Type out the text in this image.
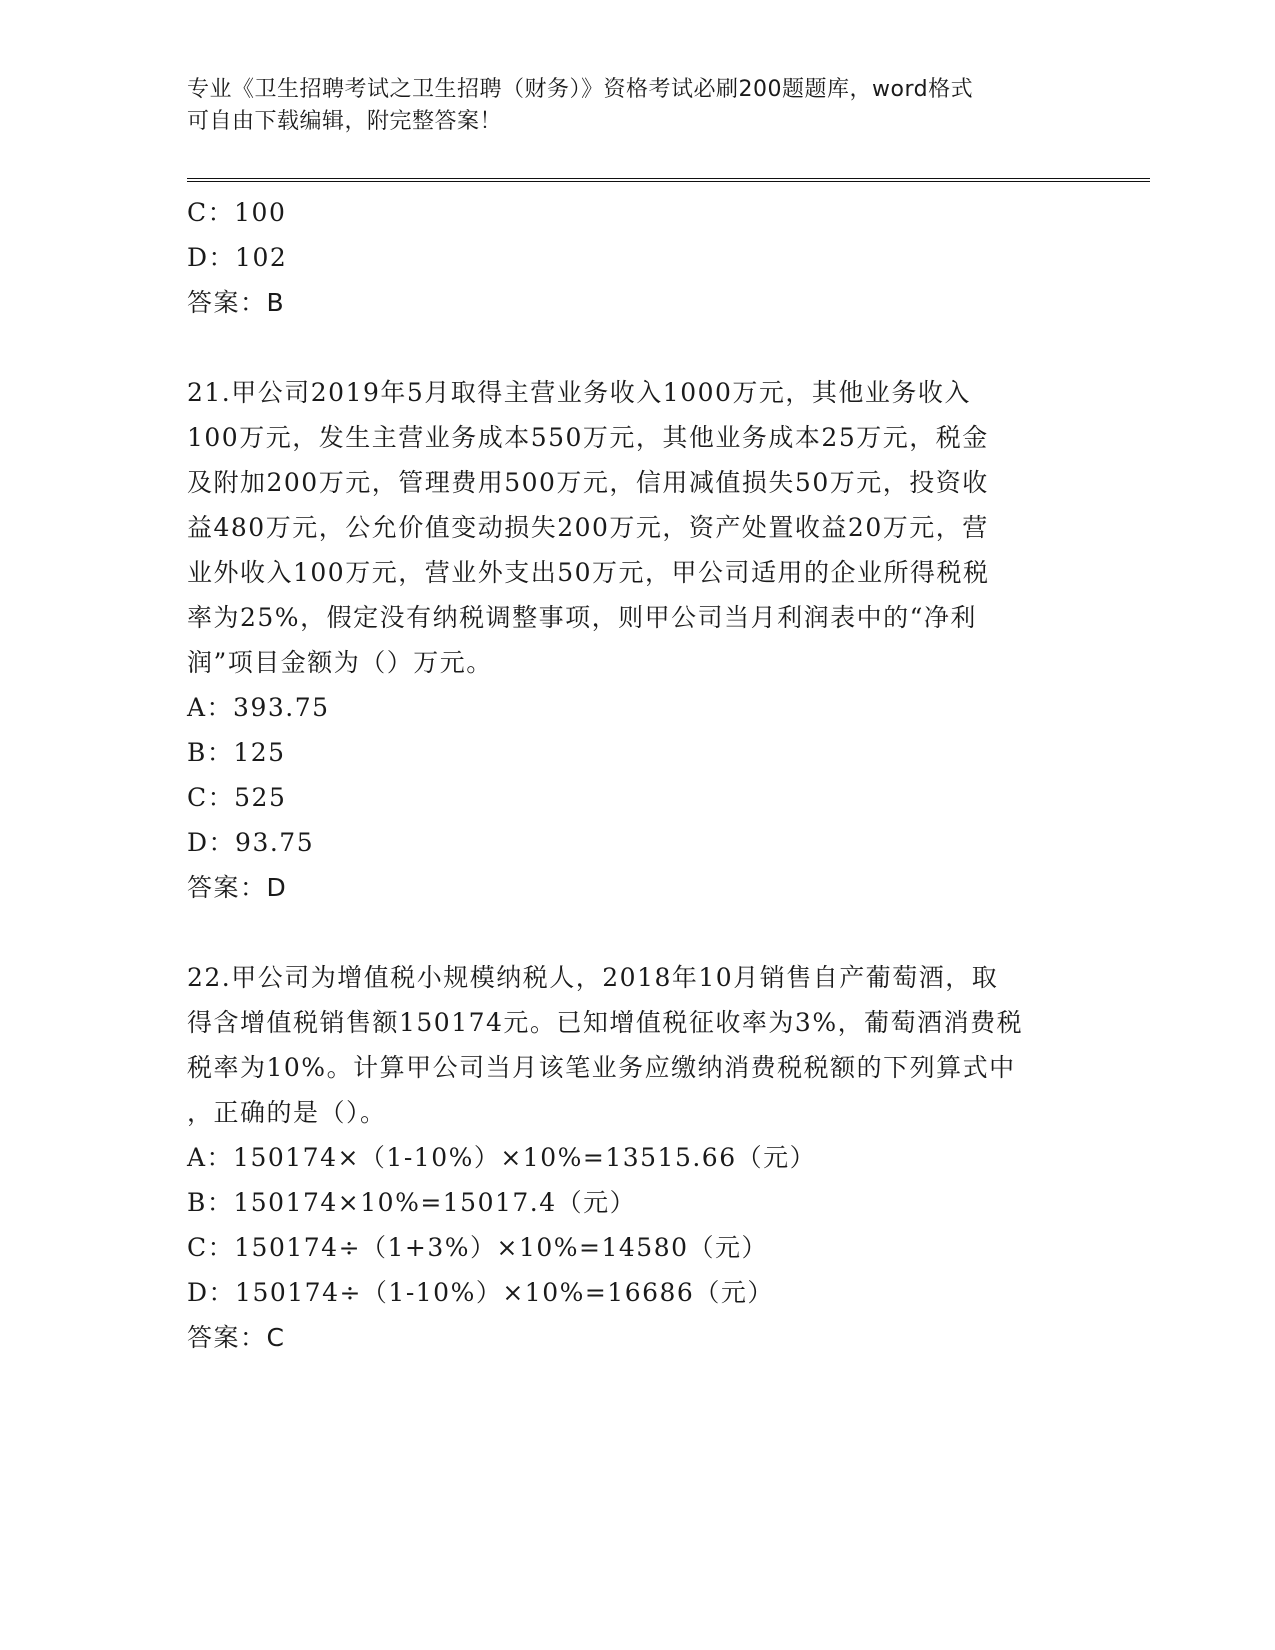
专业《卫生招聘考试之卫生招聘（财务）》资格考试必刷200题题库，word格式
可自由下载编辑，附完整答案！
C：100
D：102
答案：B
21.甲公司2019年5月取得主营业务收入1000万元，其他业务收入
100万元，发生主营业务成本550万元，其他业务成本25万元，税金
及附加200万元，管理费用500万元，信用减值损失50万元，投资收
益480万元，公允价值变动损失200万元，资产处置收益20万元，营
业外收入100万元，营业外支出50万元，甲公司适用的企业所得税税
率为25%，假定没有纳税调整事项，则甲公司当月利润表中的“净利
润”项目金额为（）万元。
A：393.75
B：125
C：525
D：93.75
答案：D
22.甲公司为增值税小规模纳税人，2018年10月销售自产葡萄酒，取
得含增值税销售额150174元。已知增值税征收率为3%，葡萄酒消费税
税率为10%。计算甲公司当月该笔业务应缴纳消费税税额的下列算式中
，正确的是（）。
A：150174×（1-10%）×10%=13515.66（元）
B：150174×10%=15017.4（元）
C：150174÷（1+3%）×10%=14580（元）
D：150174÷（1-10%）×10%=16686（元）
答案：C
